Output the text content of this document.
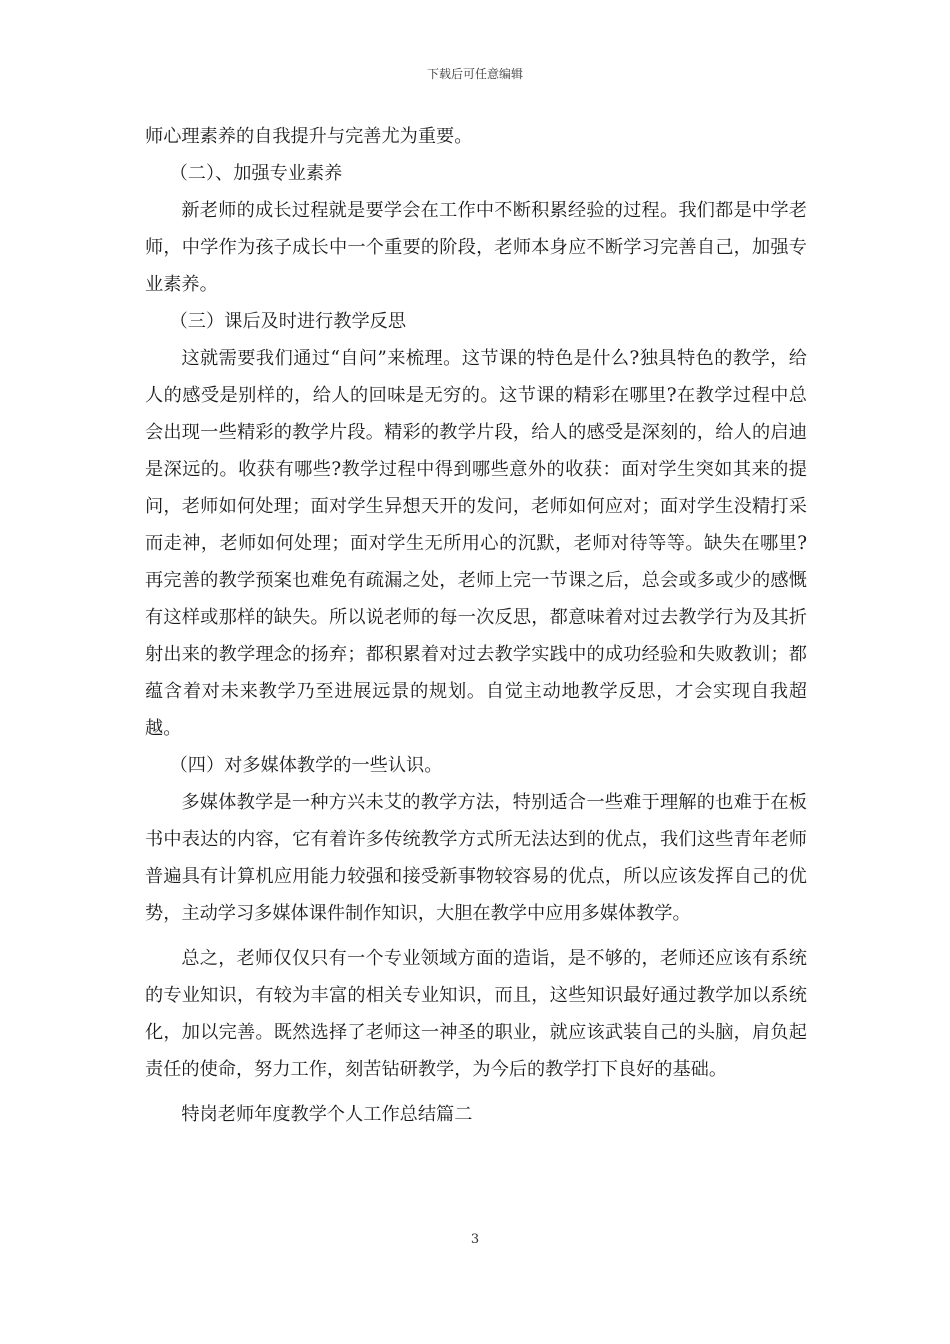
下载后可任意编辑

师心理素养的自我提升与完善尤为重要。

（二）、加强专业素养

新老师的成长过程就是要学会在工作中不断积累经验的过程。我们都是中学老师，中学作为孩子成长中一个重要的阶段，老师本身应不断学习完善自己，加强专业素养。

（三）课后及时进行教学反思

这就需要我们通过“自问”来梳理。这节课的特色是什么?独具特色的教学，给人的感受是别样的，给人的回味是无穷的。这节课的精彩在哪里?在教学过程中总会出现一些精彩的教学片段。精彩的教学片段，给人的感受是深刻的，给人的启迪是深远的。收获有哪些?教学过程中得到哪些意外的收获：面对学生突如其来的提问，老师如何处理；面对学生异想天开的发问，老师如何应对；面对学生没精打采而走神，老师如何处理；面对学生无所用心的沉默，老师对待等等。缺失在哪里?再完善的教学预案也难免有疏漏之处，老师上完一节课之后，总会或多或少的感慨有这样或那样的缺失。所以说老师的每一次反思，都意味着对过去教学行为及其折射出来的教学理念的扬弃；都积累着对过去教学实践中的成功经验和失败教训；都蕴含着对未来教学乃至进展远景的规划。自觉主动地教学反思，才会实现自我超越。

（四）对多媒体教学的一些认识。

多媒体教学是一种方兴未艾的教学方法，特别适合一些难于理解的也难于在板书中表达的内容，它有着许多传统教学方式所无法达到的优点，我们这些青年老师普遍具有计算机应用能力较强和接受新事物较容易的优点，所以应该发挥自己的优势，主动学习多媒体课件制作知识，大胆在教学中应用多媒体教学。

总之，老师仅仅只有一个专业领域方面的造诣，是不够的，老师还应该有系统的专业知识，有较为丰富的相关专业知识，而且，这些知识最好通过教学加以系统化，加以完善。既然选择了老师这一神圣的职业，就应该武装自己的头脑，肩负起责任的使命，努力工作，刻苦钻研教学，为今后的教学打下良好的基础。

特岗老师年度教学个人工作总结篇二

3
